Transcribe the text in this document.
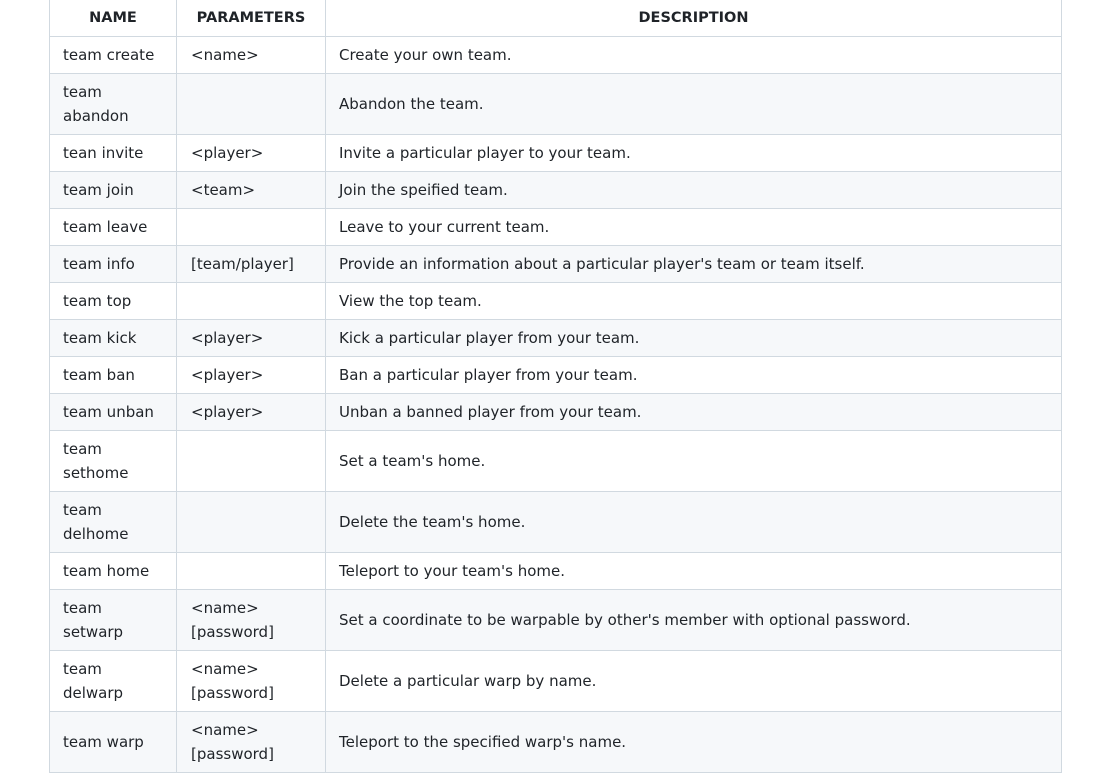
NAME	PARAMETERS	DESCRIPTION
team create	<name>	Create your own team.
team abandon		Abandon the team.
tean invite	<player>	Invite a particular player to your team.
team join	<team>	Join the speified team.
team leave		Leave to your current team.
team info	[team/player]	Provide an information about a particular player's team or team itself.
team top		View the top team.
team kick	<player>	Kick a particular player from your team.
team ban	<player>	Ban a particular player from your team.
team unban	<player>	Unban a banned player from your team.
team sethome		Set a team's home.
team delhome		Delete the team's home.
team home		Teleport to your team's home.
team setwarp	<name> [password]	Set a coordinate to be warpable by other's member with optional password.
team delwarp	<name> [password]	Delete a particular warp by name.
team warp	<name> [password]	Teleport to the specified warp's name.
